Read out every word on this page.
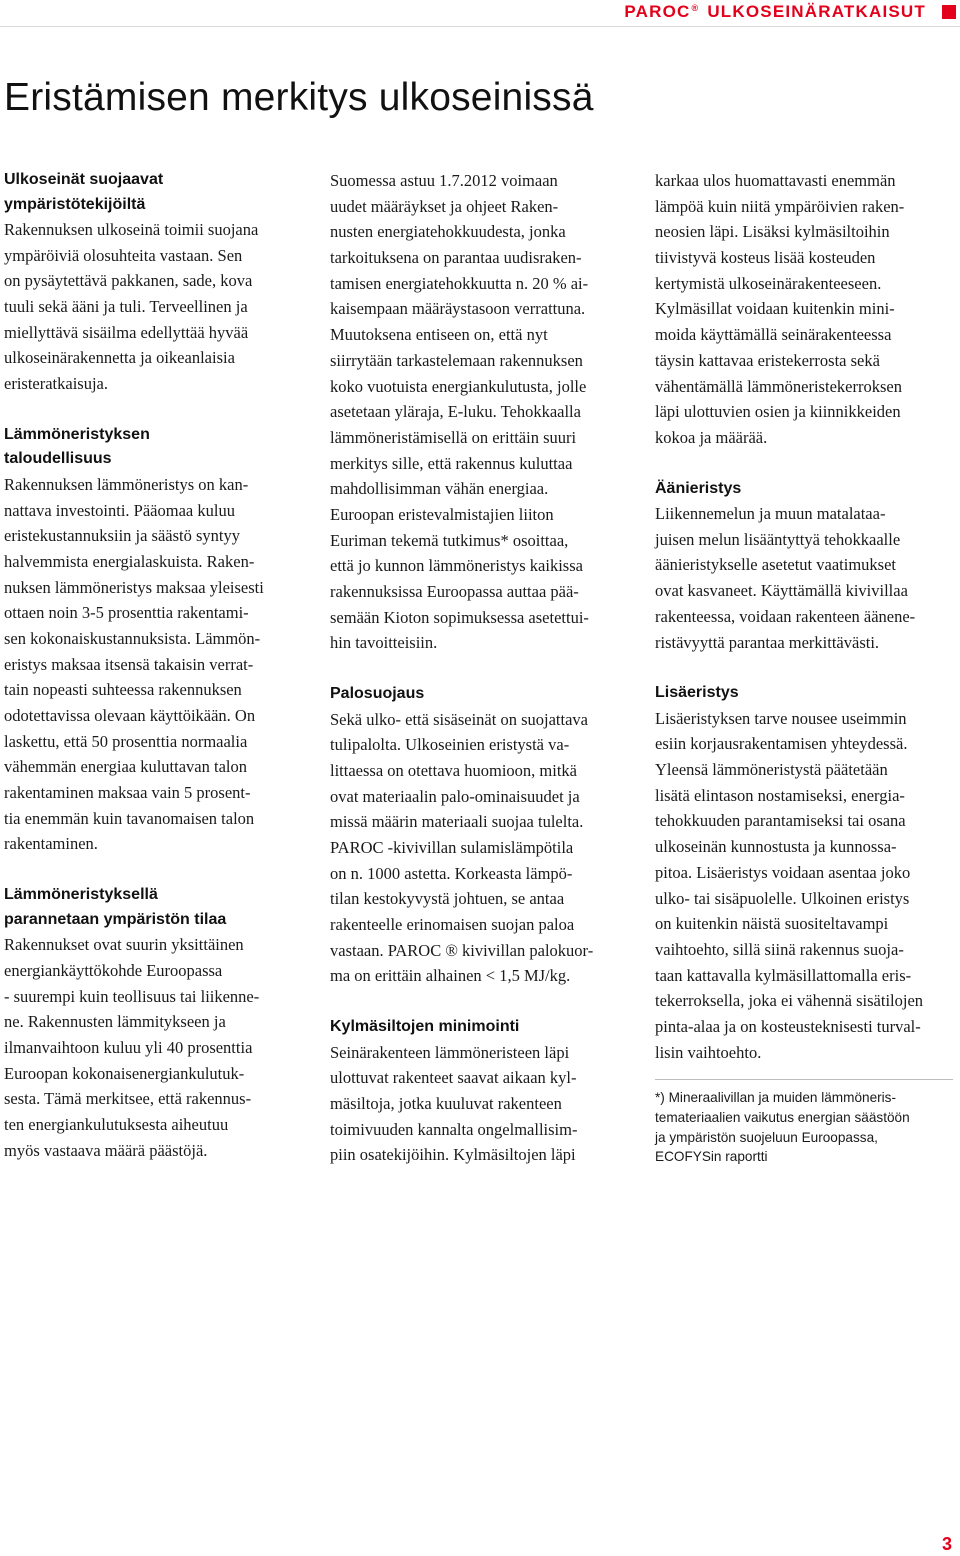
PAROC® ULKOSEINÄRATKAISUT
Eristämisen merkitys ulkoseinissä
Ulkoseinät suojaavat
ympäristötekijöiltä
Rakennuksen ulkoseinä toimii suojana
ympäröiviä olosuhteita vastaan. Sen
on pysäytettävä pakkanen, sade, kova
tuuli sekä ääni ja tuli. Terveellinen ja
miellyttävä sisäilma edellyttää hyvää
ulkoseinärakennetta ja oikeanlaisia
eristeratkaisuja.
Lämmöneristyksen
taloudellisuus
Rakennuksen lämmöneristys on kan-
nattava investointi. Pääomaa kuluu
eristekustannuksiin ja säästö syntyy
halvemmista energialaskuista. Raken-
nuksen lämmöneristys maksaa yleisesti
ottaen noin 3-5 prosenttia rakentami-
sen kokonaiskustannuksista. Lämmön-
eristys maksaa itsensä takaisin verrat-
tain nopeasti suhteessa rakennuksen
odotettavissa olevaan käyttöikään. On
laskettu, että 50 prosenttia normaalia
vähemmän energiaa kuluttavan talon
rakentaminen maksaa vain 5 prosent-
tia enemmän kuin tavanomaisen talon
rakentaminen.
Lämmöneristyksellä
parannetaan ympäristön tilaa
Rakennukset ovat suurin yksittäinen
energiankäyttökohde Euroopassa
- suurempi kuin teollisuus tai liikenne-
ne. Rakennusten lämmitykseen ja
ilmanvaihtoon kuluu yli 40 prosenttia
Euroopan kokonaisenergiankulutuk-
sesta. Tämä merkitsee, että rakennus-
ten energiankulutuksesta aiheutuu
myös vastaava määrä päästöjä.
Suomessa astuu 1.7.2012 voimaan
uudet määräykset ja ohjeet Raken-
nusten energiatehokkuudesta, jonka
tarkoituksena on parantaa uudisraken-
tamisen energiatehokkuutta n. 20 % ai-
kaisempaan määräystasoon verrattuna.
Muutoksena entiseen on, että nyt
siirrytään tarkastelemaan rakennuksen
koko vuotuista energiankulutusta, jolle
asetetaan yläraja, E-luku. Tehokkaalla
lämmöneristämisellä on erittäin suuri
merkitys sille, että rakennus kuluttaa
mahdollisimman vähän energiaa.
Euroopan eristevalmistajien liiton
Euriman tekemä tutkimus* osoittaa,
että jo kunnon lämmöneristys kaikissa
rakennuksissa Euroopassa auttaa pää-
semään Kioton sopimuksessa asetettui-
hin tavoitteisiin.
Palosuojaus
Sekä ulko- että sisäseinät on suojattava
tulipalolta. Ulkoseinien eristystä va-
littaessa on otettava huomioon, mitkä
ovat materiaalin palo-ominaisuudet ja
missä määrin materiaali suojaa tulelta.
PAROC -kivivillan sulamislämpötila
on n. 1000 astetta. Korkeasta lämpö-
tilan kestokyvystä johtuen, se antaa
rakenteelle erinomaisen suojan paloa
vastaan. PAROC ® kivivillan palokuor-
ma on erittäin alhainen < 1,5 MJ/kg.
Kylmäsiltojen minimointi
Seinärakenteen lämmöneristeen läpi
ulottuvat rakenteet saavat aikaan kyl-
mäsiltoja, jotka kuuluvat rakenteen
toimivuuden kannalta ongelmallisim-
piin osatekijöihin. Kylmäsiltojen läpi
karkaa ulos huomattavasti enemmän
lämpöä kuin niitä ympäröivien raken-
neosien läpi. Lisäksi kylmäsiltoihin
tiivistyvä kosteus lisää kosteuden
kertymistä ulkoseinärakenteeseen.
Kylmäsillat voidaan kuitenkin mini-
moida käyttämällä seinärakenteessa
täysin kattavaa eristekerrosta sekä
vähentämällä lämmöneristekerroksen
läpi ulottuvien osien ja kiinnikkeiden
kokoa ja määrää.
Äänieristys
Liikennemelun ja muun matalataa-
juisen melun lisääntyttyä tehokkaalle
äänieristykselle asetetut vaatimukset
ovat kasvaneet. Käyttämällä kivivillaa
rakenteessa, voidaan rakenteen äänene-
ristävyyttä parantaa merkittävästi.
Lisäeristys
Lisäeristyksen tarve nousee useimmin
esiin korjausrakentamisen yhteydessä.
Yleensä lämmöneristystä päätetään
lisätä elintason nostamiseksi, energia-
tehokkuuden parantamiseksi tai osana
ulkoseinän kunnostusta ja kunnossa-
pitoa. Lisäeristys voidaan asentaa joko
ulko- tai sisäpuolelle. Ulkoinen eristys
on kuitenkin näistä suositeltavampi
vaihtoehto, sillä siinä rakennus suoja-
taan kattavalla kylmäsillattomalla eris-
tekerroksella, joka ei vähennä sisätilojen
pinta-alaa ja on kosteusteknisesti turval-
lisin vaihtoehto.
*) Mineraalivillan ja muiden lämmöneris-
temateriaalien vaikutus energian säästöön
ja ympäristön suojeluun Euroopassa,
ECOFYSin raportti
3
